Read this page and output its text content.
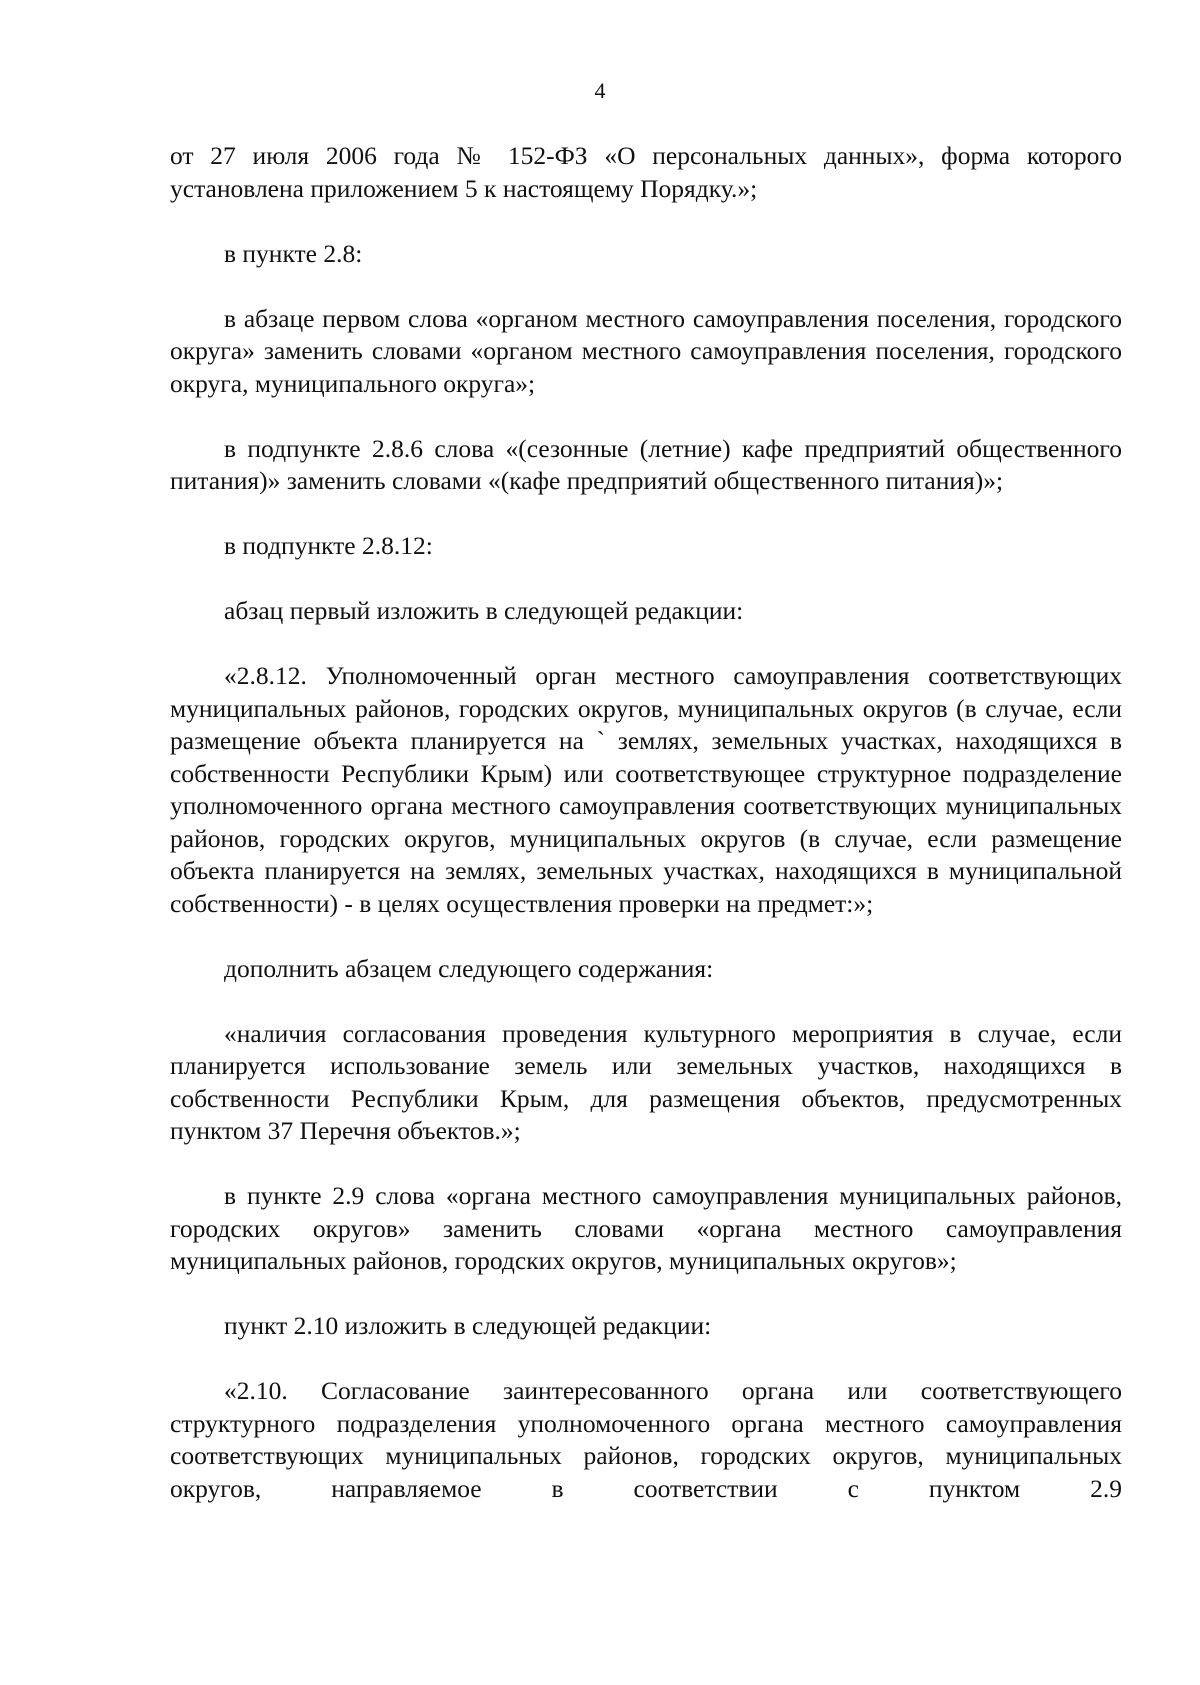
4

от 27 июля 2006 года № 152-ФЗ «О персональных данных», форма которого установлена приложением 5 к настоящему Порядку.»;

в пункте 2.8:

в абзаце первом слова «органом местного самоуправления поселения, городского округа» заменить словами «органом местного самоуправления поселения, городского округа, муниципального округа»;

в подпункте 2.8.6 слова «(сезонные (летние) кафе предприятий общественного питания)» заменить словами «(кафе предприятий общественного питания)»;

в подпункте 2.8.12:

абзац первый изложить в следующей редакции:

«2.8.12. Уполномоченный орган местного самоуправления соответствующих муниципальных районов, городских округов, муниципальных округов (в случае, если размещение объекта планируется на ` землях, земельных участках, находящихся в собственности Республики Крым) или соответствующее структурное подразделение уполномоченного органа местного самоуправления соответствующих муниципальных районов, городских округов, муниципальных округов (в случае, если размещение объекта планируется на землях, земельных участках, находящихся в муниципальной собственности) - в целях осуществления проверки на предмет:»;

дополнить абзацем следующего содержания:

«наличия согласования проведения культурного мероприятия в случае, если планируется использование земель или земельных участков, находящихся в собственности Республики Крым, для размещения объектов, предусмотренных пунктом 37 Перечня объектов.»;

в пункте 2.9 слова «органа местного самоуправления муниципальных районов, городских округов» заменить словами «органа местного самоуправления муниципальных районов, городских округов, муниципальных округов»;

пункт 2.10 изложить в следующей редакции:

«2.10. Согласование заинтересованного органа или соответствующего структурного подразделения уполномоченного органа местного самоуправления соответствующих муниципальных районов, городских округов, муниципальных округов, направляемое в соответствии с пунктом 2.9
